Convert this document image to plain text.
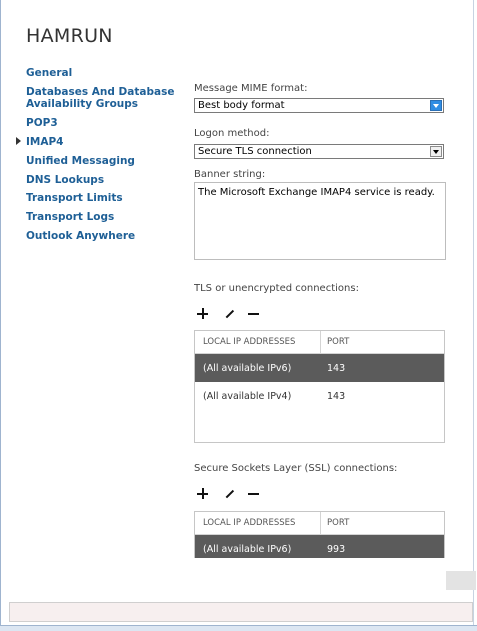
HAMRUN
General
Databases And Database Availability Groups
POP3
IMAP4
Unified Messaging
DNS Lookups
Transport Limits
Transport Logs
Outlook Anywhere
Message MIME format:
Best body format
Logon method:
Secure TLS connection
Banner string:
The Microsoft Exchange IMAP4 service is ready.
TLS or unencrypted connections:
LOCAL IP ADDRESSES	PORT
(All available IPv6)	143
(All available IPv4)	143
Secure Sockets Layer (SSL) connections:
LOCAL IP ADDRESSES	PORT
(All available IPv6)	993
